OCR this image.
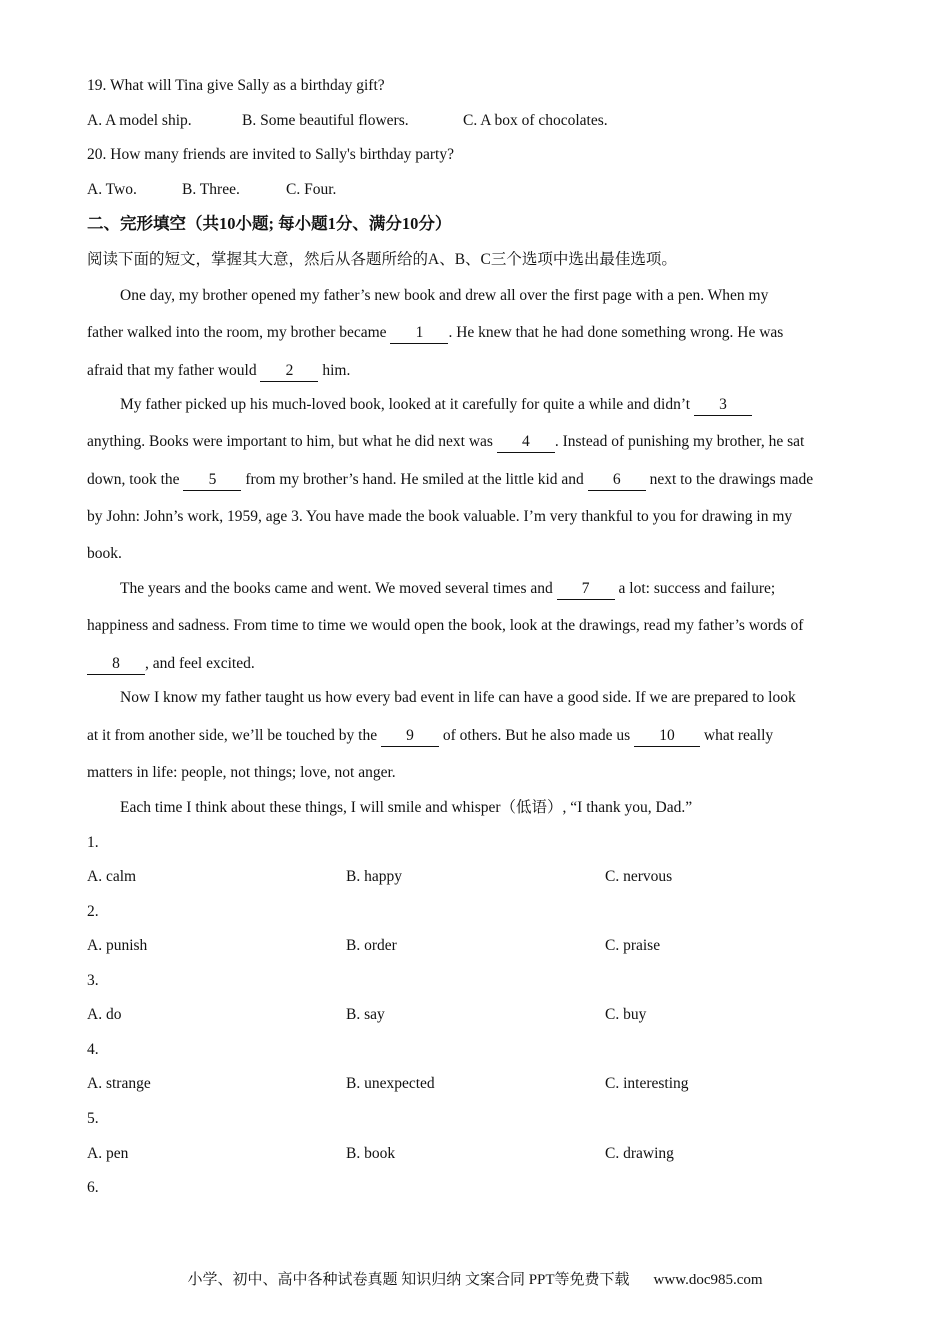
19. What will Tina give Sally as a birthday gift?
A. A model ship.	B. Some beautiful flowers.	C. A box of chocolates.
20. How many friends are invited to Sally's birthday party?
A. Two.	B. Three.	C. Four.
二、完形填空（共10小题; 每小题1分、满分10分）
阅读下面的短文，掌握其大意，然后从各题所给的A、B、C三个选项中选出最佳选项。
One day, my brother opened my father’s new book and drew all over the first page with a pen. When my
father walked into the room, my brother became 1 . He knew that he had done something wrong. He was
afraid that my father would 2 him.
My father picked up his much-loved book, looked at it carefully for quite a while and didn’t 3
anything. Books were important to him, but what he did next was 4 . Instead of punishing my brother, he sat
down, took the 5 from my brother’s hand. He smiled at the little kid and 6 next to the drawings made
by John: John’s work, 1959, age 3. You have made the book valuable. I’m very thankful to you for drawing in my
book.
The years and the books came and went. We moved several times and 7 a lot: success and failure;
happiness and sadness. From time to time we would open the book, look at the drawings, read my father’s words of
8 , and feel excited.
Now I know my father taught us how every bad event in life can have a good side. If we are prepared to look
at it from another side, we’ll be touched by the 9 of others. But he also made us 10 what really
matters in life: people, not things; love, not anger.
Each time I think about these things, I will smile and whisper（低语）, “I thank you, Dad.”
1.
A. calm	B. happy	C. nervous
2.
A. punish	B. order	C. praise
3.
A. do	B. say	C. buy
4.
A. strange	B. unexpected	C. interesting
5.
A. pen	B. book	C. drawing
6.
小学、初中、高中各种试卷真题 知识归纳 文案合同 PPT等免费下载 www.doc985.com
